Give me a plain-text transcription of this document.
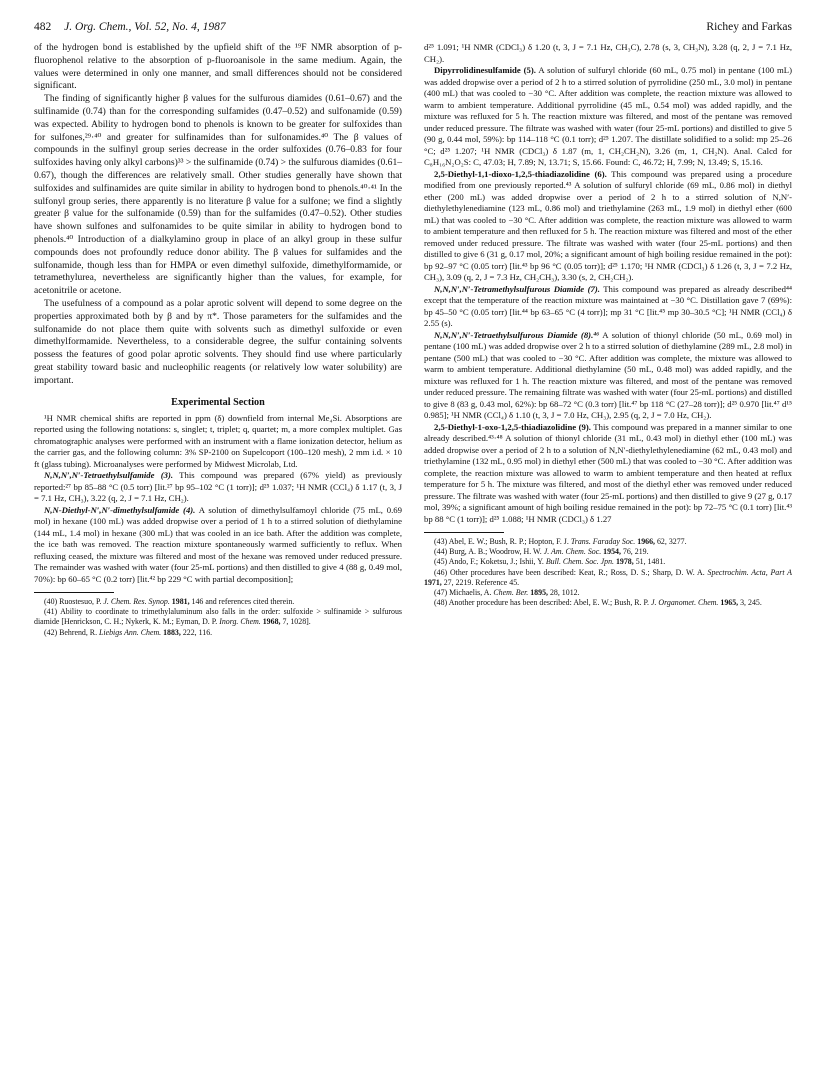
482 J. Org. Chem., Vol. 52, No. 4, 1987	Richey and Farkas

of the hydrogen bond is established by the upfield shift of the ¹⁹F NMR absorption of p-fluorophenol relative to the absorption of p-fluoroanisole in the same medium. Again, the values were determined in only one manner, and small differences should not be considered significant.

The finding of significantly higher β values for the sulfurous diamides (0.61–0.67) and the sulfinamide (0.74) than for the corresponding sulfamides (0.47–0.52) and sulfonamide (0.59) was expected. Ability to hydrogen bond to phenols is known to be greater for sulfoxides than for sulfones,²⁹·⁴⁰ and greater for sulfinamides than for sulfonamides.⁴⁰ The β values of compounds in the sulfinyl group series decrease in the order sulfoxides (0.76–0.83 for four sulfoxides having only alkyl carbons)³³ > the sulfinamide (0.74) > the sulfurous diamides (0.61–0.67), though the differences are relatively small. Other studies generally have shown that sulfoxides and sulfinamides are quite similar in ability to hydrogen bond to phenols.⁴⁰·⁴¹ In the sulfonyl group series, there apparently is no literature β value for a sulfone; we find a slightly greater β value for the sulfonamide (0.59) than for the sulfamides (0.47–0.52). Other studies have shown sulfones and sulfonamides to be quite similar in ability to hydrogen bond to phenols.⁴⁰ Introduction of a dialkylamino group in place of an alkyl group in these sulfur compounds does not profoundly reduce donor ability. The β values for sulfamides and the sulfonamide, though less than for HMPA or even dimethyl sulfoxide, dimethylformamide, or tetramethylurea, nevertheless are significantly higher than the values, for example, for acetonitrile or acetone.

The usefulness of a compound as a polar aprotic solvent will depend to some degree on the properties approximated both by β and by π*. Those parameters for the sulfamides and the sulfonamide do not place them quite with solvents such as dimethyl sulfoxide or even dimethylformamide. Nevertheless, to a considerable degree, the sulfur containing solvents possess the features of good polar aprotic solvents. They should find use where particularly great stability toward basic and nucleophilic reagents (or relatively low water solubility) are important.

Experimental Section

¹H NMR chemical shifts are reported in ppm (δ) downfield from internal Me₄Si. Absorptions are reported using the following notations: s, singlet; t, triplet; q, quartet; m, a more complex multiplet. Gas chromatographic analyses were performed with an instrument with a flame ionization detector, helium as the carrier gas, and the following column: 3% SP-2100 on Supelcoport (100–120 mesh), 2 mm i.d. × 10 ft (glass tubing). Microanalyses were performed by Midwest Microlab, Ltd.

N,N,N′,N′-Tetraethylsulfamide (3). This compound was prepared (67% yield) as previously reported:²⁷ bp 85–88 °C (0.5 torr) [lit.²⁷ bp 95–102 °C (1 torr)]; d²⁵ 1.037; ¹H NMR (CCl₄) δ 1.17 (t, 3, J = 7.1 Hz, CH₃), 3.22 (q, 2, J = 7.1 Hz, CH₂).

N,N-Diethyl-N′,N′-dimethylsulfamide (4). A solution of dimethylsulfamoyl chloride (75 mL, 0.69 mol) in hexane (100 mL) was added dropwise over a period of 1 h to a stirred solution of diethylamine (144 mL, 1.4 mol) in hexane (300 mL) that was cooled in an ice bath. After the addition was complete, the ice bath was removed. The reaction mixture spontaneously warmed sufficiently to reflux. When refluxing ceased, the mixture was filtered and most of the hexane was removed under reduced pressure. The remainder was washed with water (four 25-mL portions) and then distilled to give 4 (88 g, 0.49 mol, 70%): bp 60–65 °C (0.2 torr) [lit.⁴² bp 229 °C with partial decomposition];

(40) Ruostesuo, P. J. Chem. Res. Synop. 1981, 146 and references cited therein.

(41) Ability to coordinate to trimethylaluminum also falls in the order: sulfoxide > sulfinamide > sulfurous diamide [Henrickson, C. H.; Nykerk, K. M.; Eyman, D. P. Inorg. Chem. 1968, 7, 1028].

(42) Behrend, R. Liebigs Ann. Chem. 1883, 222, 116.

d²⁵ 1.091; ¹H NMR (CDCl₃) δ 1.20 (t, 3, J = 7.1 Hz, CH₃C), 2.78 (s, 3, CH₃N), 3.28 (q, 2, J = 7.1 Hz, CH₂).

Dipyrrolidinesulfamide (5). A solution of sulfuryl chloride (60 mL, 0.75 mol) in pentane (100 mL) was added dropwise over a period of 2 h to a stirred solution of pyrrolidine (250 mL, 3.0 mol) in pentane (400 mL) that was cooled to −30 °C. After addition was complete, the reaction mixture was allowed to warm to ambient temperature. Additional pyrrolidine (45 mL, 0.54 mol) was added rapidly, and the mixture was refluxed for 5 h. The reaction mixture was filtered, and most of the pentane was removed under reduced pressure. The filtrate was washed with water (four 25-mL portions) and distilled to give 5 (90 g, 0.44 mol, 59%): bp 114–118 °C (0.1 torr); d²⁵ 1.207. The distillate solidified to a solid: mp 25–26 °C; d²⁵ 1.207; ¹H NMR (CDCl₃) δ 1.87 (m, 1, CH₂CH₂N), 3.26 (m, 1, CH₂N). Anal. Calcd for C₈H₁₆N₂O₂S: C, 47.03; H, 7.89; N, 13.71; S, 15.66. Found: C, 46.72; H, 7.99; N, 13.49; S, 15.16.

2,5-Diethyl-1,1-dioxo-1,2,5-thiadiazolidine (6). This compound was prepared using a procedure modified from one previously reported.⁴³ A solution of sulfuryl chloride (69 mL, 0.86 mol) in diethyl ether (200 mL) was added dropwise over a period of 2 h to a stirred solution of N,N′-diethylethylenediamine (123 mL, 0.86 mol) and triethylamine (263 mL, 1.9 mol) in diethyl ether (600 mL) that was cooled to −30 °C. After addition was complete, the reaction mixture was allowed to warm to ambient temperature and then refluxed for 5 h. The reaction mixture was filtered and most of the ether removed under reduced pressure. The filtrate was washed with water (four 25-mL portions) and then distilled to give 6 (31 g, 0.17 mol, 20%; a significant amount of high boiling residue remained in the pot): bp 92–97 °C (0.05 torr) [lit.⁴³ bp 96 °C (0.05 torr)]; d²⁵ 1.170; ¹H NMR (CDCl₃) δ 1.26 (t, 3, J = 7.2 Hz, CH₃), 3.09 (q, 2, J = 7.3 Hz, CH₂CH₃), 3.30 (s, 2, CH₂CH₂).

N,N,N′,N′-Tetramethylsulfurous Diamide (7). This compound was prepared as already described⁴⁴ except that the temperature of the reaction mixture was maintained at −30 °C. Distillation gave 7 (69%): bp 45–50 °C (0.05 torr) [lit.⁴⁴ bp 63–65 °C (4 torr)]; mp 31 °C [lit.⁴⁵ mp 30–30.5 °C]; ¹H NMR (CCl₄) δ 2.55 (s).

N,N,N′,N′-Tetraethylsulfurous Diamide (8).⁴⁶ A solution of thionyl chloride (50 mL, 0.69 mol) in pentane (100 mL) was added dropwise over 2 h to a stirred solution of diethylamine (289 mL, 2.8 mol) in pentane (500 mL) that was cooled to −30 °C. After addition was complete, the mixture was allowed to warm to ambient temperature. Additional diethylamine (50 mL, 0.48 mol) was added rapidly, and the mixture was refluxed for 1 h. The reaction mixture was filtered, and most of the pentane was removed under reduced pressure. The remaining filtrate was washed with water (four 25-mL portions) and distilled to give 8 (83 g, 0.43 mol, 62%): bp 68–72 °C (0.3 torr) [lit.⁴⁷ bp 118 °C (27–28 torr)]; d²⁵ 0.970 [lit.⁴⁷ d¹⁵ 0.985]; ¹H NMR (CCl₄) δ 1.10 (t, 3, J = 7.0 Hz, CH₃), 2.95 (q, 2, J = 7.0 Hz, CH₂).

2,5-Diethyl-1-oxo-1,2,5-thiadiazolidine (9). This compound was prepared in a manner similar to one already described.⁴³·⁴⁸ A solution of thionyl chloride (31 mL, 0.43 mol) in diethyl ether (100 mL) was added dropwise over a period of 2 h to a solution of N,N′-diethylethylenediamine (62 mL, 0.43 mol) and triethylamine (132 mL, 0.95 mol) in diethyl ether (500 mL) that was cooled to −30 °C. After addition was complete, the reaction mixture was allowed to warm to ambient temperature and then heated at reflux temperature for 5 h. The mixture was filtered, and most of the diethyl ether was removed under reduced pressure. The filtrate was washed with water (four 25-mL portions) and then distilled to give 9 (27 g, 0.17 mol, 39%; a significant amount of high boiling residue remained in the pot): bp 72–75 °C (0.1 torr) [lit.⁴³ bp 88 °C (1 torr)]; d²⁵ 1.088; ¹H NMR (CDCl₃) δ 1.27

(43) Abel, E. W.; Bush, R. P.; Hopton, F. J. Trans. Faraday Soc. 1966, 62, 3277.

(44) Burg, A. B.; Woodrow, H. W. J. Am. Chem. Soc. 1954, 76, 219.

(45) Ando, F.; Koketsu, J.; Ishii, Y. Bull. Chem. Soc. Jpn. 1978, 51, 1481.

(46) Other procedures have been described: Keat, R.; Ross, D. S.; Sharp, D. W. A. Spectrochim. Acta, Part A 1971, 27, 2219. Reference 45.

(47) Michaelis, A. Chem. Ber. 1895, 28, 1012.

(48) Another procedure has been described: Abel, E. W.; Bush, R. P. J. Organomet. Chem. 1965, 3, 245.
